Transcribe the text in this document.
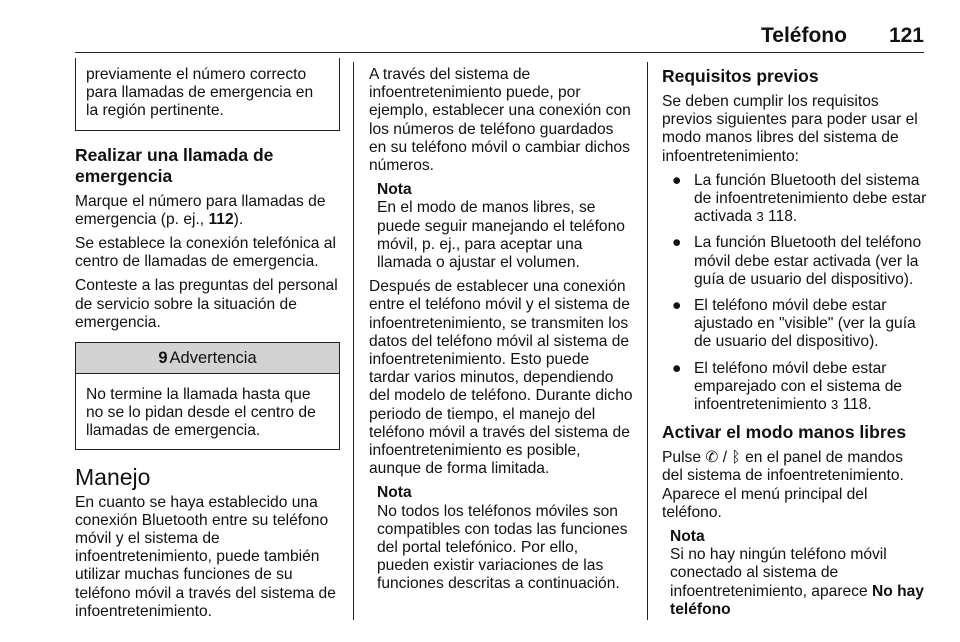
Teléfono 121
previamente el número correcto para llamadas de emergencia en la región pertinente.
Realizar una llamada de emergencia

Marque el número para llamadas de emergencia (p. ej., 112).

Se establece la conexión telefónica al centro de llamadas de emergencia.

Conteste a las preguntas del personal de servicio sobre la situación de emergencia.

9 Advertencia
No termine la llamada hasta que no se lo pidan desde el centro de llamadas de emergencia.
Manejo

En cuanto se haya establecido una conexión Bluetooth entre su teléfono móvil y el sistema de infoentretenimiento, puede también utilizar muchas funciones de su teléfono móvil a través del sistema de infoentretenimiento.

A través del sistema de infoentretenimiento puede, por ejemplo, establecer una conexión con los números de teléfono guardados en su teléfono móvil o cambiar dichos números.

Nota
En el modo de manos libres, se puede seguir manejando el teléfono móvil, p. ej., para aceptar una llamada o ajustar el volumen.

Después de establecer una conexión entre el teléfono móvil y el sistema de infoentretenimiento, se transmiten los datos del teléfono móvil al sistema de infoentretenimiento. Esto puede tardar varios minutos, dependiendo del modelo de teléfono. Durante dicho periodo de tiempo, el manejo del teléfono móvil a través del sistema de infoentretenimiento es posible, aunque de forma limitada.

Nota
No todos los teléfonos móviles son compatibles con todas las funciones del portal telefónico. Por ello, pueden existir variaciones de las funciones descritas a continuación.
Requisitos previos

Se deben cumplir los requisitos previos siguientes para poder usar el modo manos libres del sistema de infoentretenimiento:

● La función Bluetooth del sistema de infoentretenimiento debe estar activada 3 118.
● La función Bluetooth del teléfono móvil debe estar activada (ver la guía de usuario del dispositivo).
● El teléfono móvil debe estar ajustado en "visible" (ver la guía de usuario del dispositivo).
● El teléfono móvil debe estar emparejado con el sistema de infoentretenimiento 3 118.
Activar el modo manos libres

Pulse ✆ / ᛒ en el panel de mandos del sistema de infoentretenimiento. Aparece el menú principal del teléfono.

Nota
Si no hay ningún teléfono móvil conectado al sistema de infoentretenimiento, aparece No hay teléfono
